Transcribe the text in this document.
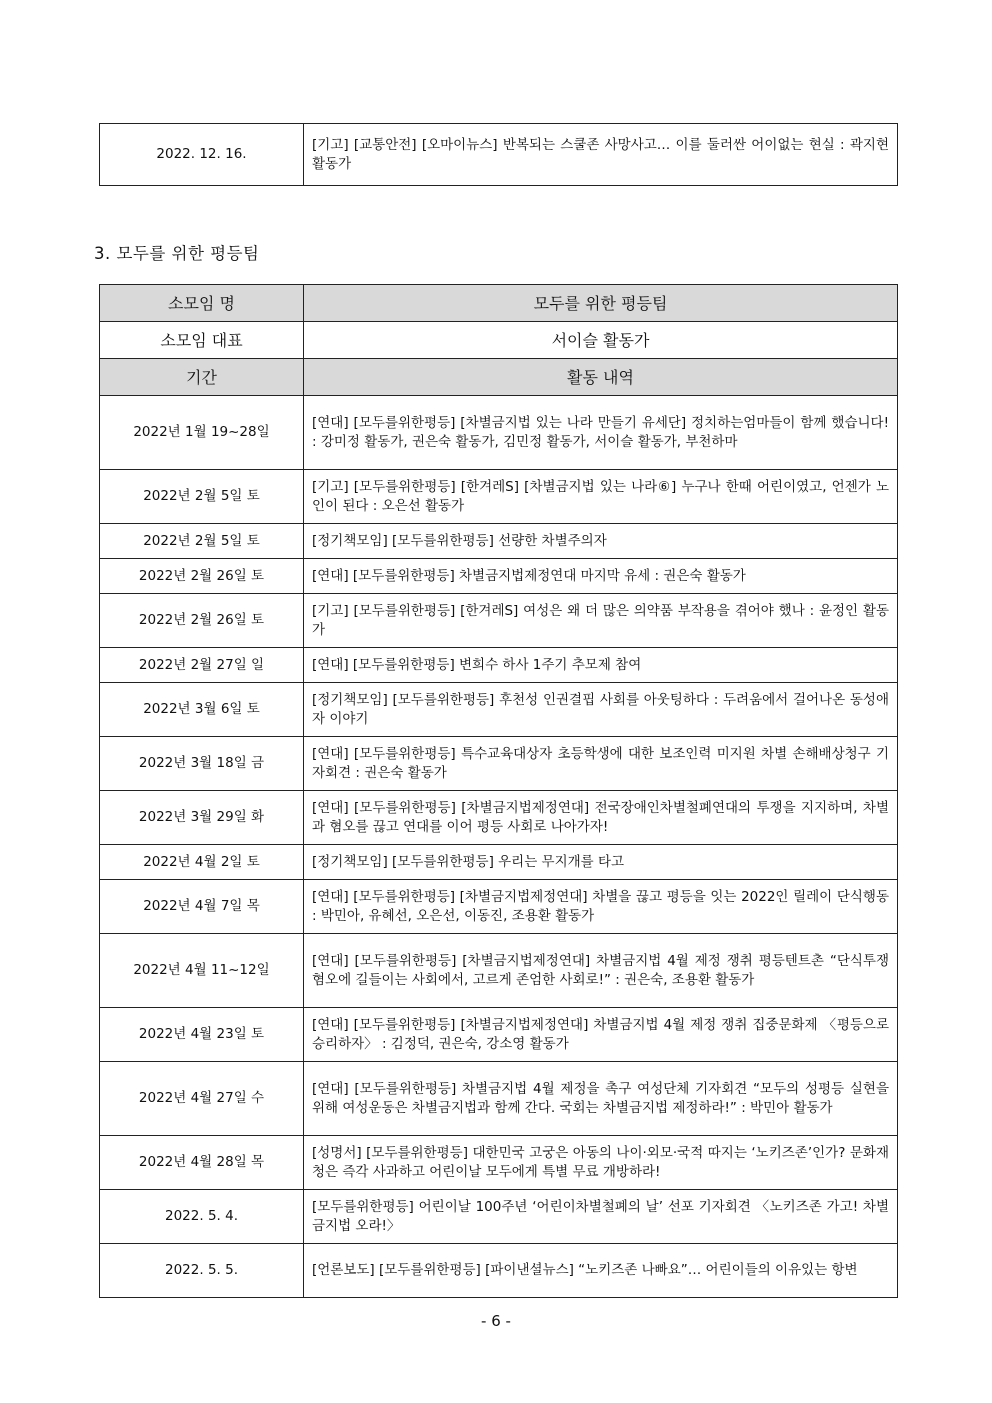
2022. 12. 16.	[기고] [교통안전] [오마이뉴스] 반복되는 스쿨존 사망사고… 이를 둘러싼 어이없는 현실 : 곽지현 활동가
3. 모두를 위한 평등팀
소모임 명	모두를 위한 평등팀
소모임 대표	서이슬 활동가
기간	활동 내역
2022년 1월 19~28일	[연대] [모두를위한평등] [차별금지법 있는 나라 만들기 유세단] 정치하는엄마들이 함께 했습니다! : 강미정 활동가, 권은숙 활동가, 김민정 활동가, 서이슬 활동가, 부천하마
2022년 2월 5일 토	[기고] [모두를위한평등] [한겨레S] [차별금지법 있는 나라⑥] 누구나 한때 어린이였고, 언젠가 노인이 된다 : 오은선 활동가
2022년 2월 5일 토	[정기책모임] [모두를위한평등] 선량한 차별주의자
2022년 2월 26일 토	[연대] [모두를위한평등] 차별금지법제정연대 마지막 유세 : 권은숙 활동가
2022년 2월 26일 토	[기고] [모두를위한평등] [한겨레S] 여성은 왜 더 많은 의약품 부작용을 겪어야 했나 : 윤정인 활동가
2022년 2월 27일 일	[연대] [모두를위한평등] 변희수 하사 1주기 추모제 참여
2022년 3월 6일 토	[정기책모임] [모두를위한평등] 후천성 인권결핍 사회를 아웃팅하다 : 두려움에서 걸어나온 동성애자 이야기
2022년 3월 18일 금	[연대] [모두를위한평등] 특수교육대상자 초등학생에 대한 보조인력 미지원 차별 손해배상청구 기자회견 : 권은숙 활동가
2022년 3월 29일 화	[연대] [모두를위한평등] [차별금지법제정연대] 전국장애인차별철폐연대의 투쟁을 지지하며, 차별과 혐오를 끊고 연대를 이어 평등 사회로 나아가자!
2022년 4월 2일 토	[정기책모임] [모두를위한평등] 우리는 무지개를 타고
2022년 4월 7일 목	[연대] [모두를위한평등] [차별금지법제정연대] 차별을 끊고 평등을 잇는 2022인 릴레이 단식행동 : 박민아, 유혜선, 오은선, 이동진, 조용환 활동가
2022년 4월 11~12일	[연대] [모두를위한평등] [차별금지법제정연대] 차별금지법 4월 제정 쟁취 평등텐트촌 “단식투쟁 혐오에 길들이는 사회에서, 고르게 존엄한 사회로!” : 권은숙, 조용환 활동가
2022년 4월 23일 토	[연대] [모두를위한평등] [차별금지법제정연대] 차별금지법 4월 제정 쟁취 집중문화제 〈평등으로 승리하자〉 : 김정덕, 권은숙, 강소영 활동가
2022년 4월 27일 수	[연대] [모두를위한평등] 차별금지법 4월 제정을 촉구 여성단체 기자회견 “모두의 성평등 실현을 위해 여성운동은 차별금지법과 함께 간다. 국회는 차별금지법 제정하라!” : 박민아 활동가
2022년 4월 28일 목	[성명서] [모두를위한평등] 대한민국 고궁은 아동의 나이·외모·국적 따지는 ‘노키즈존’인가? 문화재청은 즉각 사과하고 어린이날 모두에게 특별 무료 개방하라!
2022. 5. 4.	[모두를위한평등] 어린이날 100주년 ‘어린이차별철폐의 날’ 선포 기자회견 〈노키즈존 가고! 차별금지법 오라!〉
2022. 5. 5.	[언론보도] [모두를위한평등] [파이낸셜뉴스] “노키즈존 나빠요”… 어린이들의 이유있는 항변
- 6 -
